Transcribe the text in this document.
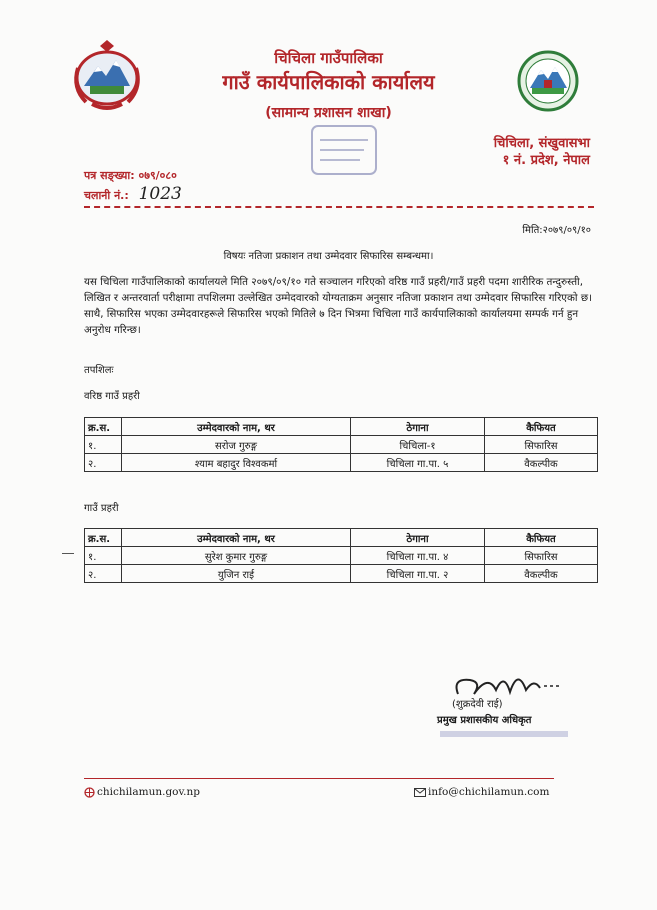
चिचिला गाउँपालिका
गाउँ कार्यपालिकाको कार्यालय
(सामान्य प्रशासन शाखा)
चिचिला, संखुवासभा
१ नं. प्रदेश, नेपाल
पत्र सङ्ख्या: ०७९/०८०
चलानी नं.: 1023
मिति:२०७९/०९/१०
विषयः नतिजा प्रकाशन तथा उम्मेदवार सिफारिस सम्बन्धमा।
यस चिचिला गाउँपालिकाको कार्यालयले मिति २०७९/०९/१० गते सञ्चालन गरिएको वरिष्ठ गाउँ प्रहरी/गाउँ प्रहरी पदमा शारीरिक तन्दुरुस्ती, लिखित र अन्तरवार्ता परीक्षामा तपशिलमा उल्लेखित उम्मेदवारको योग्यताक्रम अनुसार नतिजा प्रकाशन तथा उम्मेदवार सिफारिस गरिएको छ। साथै, सिफारिस भएका उम्मेदवारहरूले सिफारिस भएको मितिले ७ दिन भित्रमा चिचिला गाउँ कार्यपालिकाको कार्यालयमा सम्पर्क गर्न हुन अनुरोध गरिन्छ।
तपशिलः
वरिष्ठ गाउँ प्रहरी
क्र.स.	उम्मेदवारको नाम, थर	ठेगाना	कैफियत
१.	सरोज गुरुङ्ग	चिचिला-१	सिफारिस
२.	श्याम बहादुर विश्वकर्मा	चिचिला गा.पा. ५	वैकल्पीक
गाउँ प्रहरी
क्र.स.	उम्मेदवारको नाम, थर	ठेगाना	कैफियत
१.	सुरेश कुमार गुरुङ्ग	चिचिला गा.पा. ४	सिफारिस
२.	युजिन राई	चिचिला गा.पा. २	वैकल्पीक
(शुक्रदेवी राई)
प्रमुख प्रशासकीय अधिकृत
chichilamun.gov.np	info@chichilamun.com
